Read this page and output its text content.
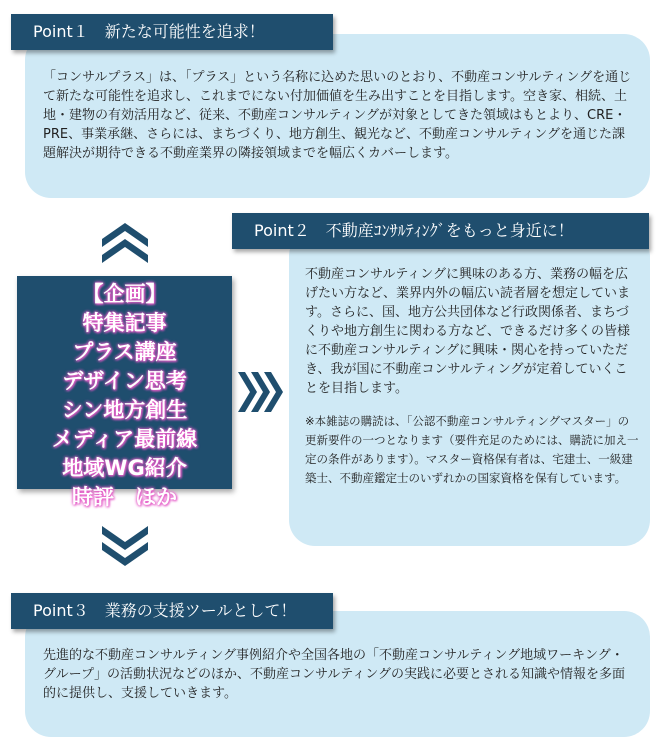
Point１　新たな可能性を追求！

「コンサルプラス」は、「プラス」という名称に込めた思いのとおり、不動産コンサルティングを通じて新たな可能性を追求し、これまでにない付加価値を生み出すことを目指します。空き家、相続、土地・建物の有効活用など、従来、不動産コンサルティングが対象としてきた領域はもとより、CRE・PRE、事業承継、さらには、まちづくり、地方創生、観光など、不動産コンサルティングを通じた課題解決が期待できる不動産業界の隣接領域までを幅広くカバーします。

Point２　不動産ｺﾝｻﾙﾃｨﾝｸﾞをもっと身近に！

不動産コンサルティングに興味のある方、業務の幅を広げたい方など、業界内外の幅広い読者層を想定しています。さらに、国、地方公共団体など行政関係者、まちづくりや地方創生に関わる方など、できるだけ多くの皆様に不動産コンサルティングに興味・関心を持っていただき、我が国に不動産コンサルティングが定着していくことを目指します。

※本雑誌の購読は、「公認不動産コンサルティングマスター」の更新要件の一つとなります（要件充足のためには、購読に加え一定の条件があります）。マスター資格保有者は、宅建士、一級建築士、不動産鑑定士のいずれかの国家資格を保有しています。

【企画】
特集記事
プラス講座
デザイン思考
シン地方創生
メディア最前線
地域WG紹介
時評　ほか
Point３　業務の支援ツールとして！

先進的な不動産コンサルティング事例紹介や全国各地の「不動産コンサルティング地域ワーキング・グループ」の活動状況などのほか、不動産コンサルティングの実践に必要とされる知識や情報を多面的に提供し、支援していきます。
